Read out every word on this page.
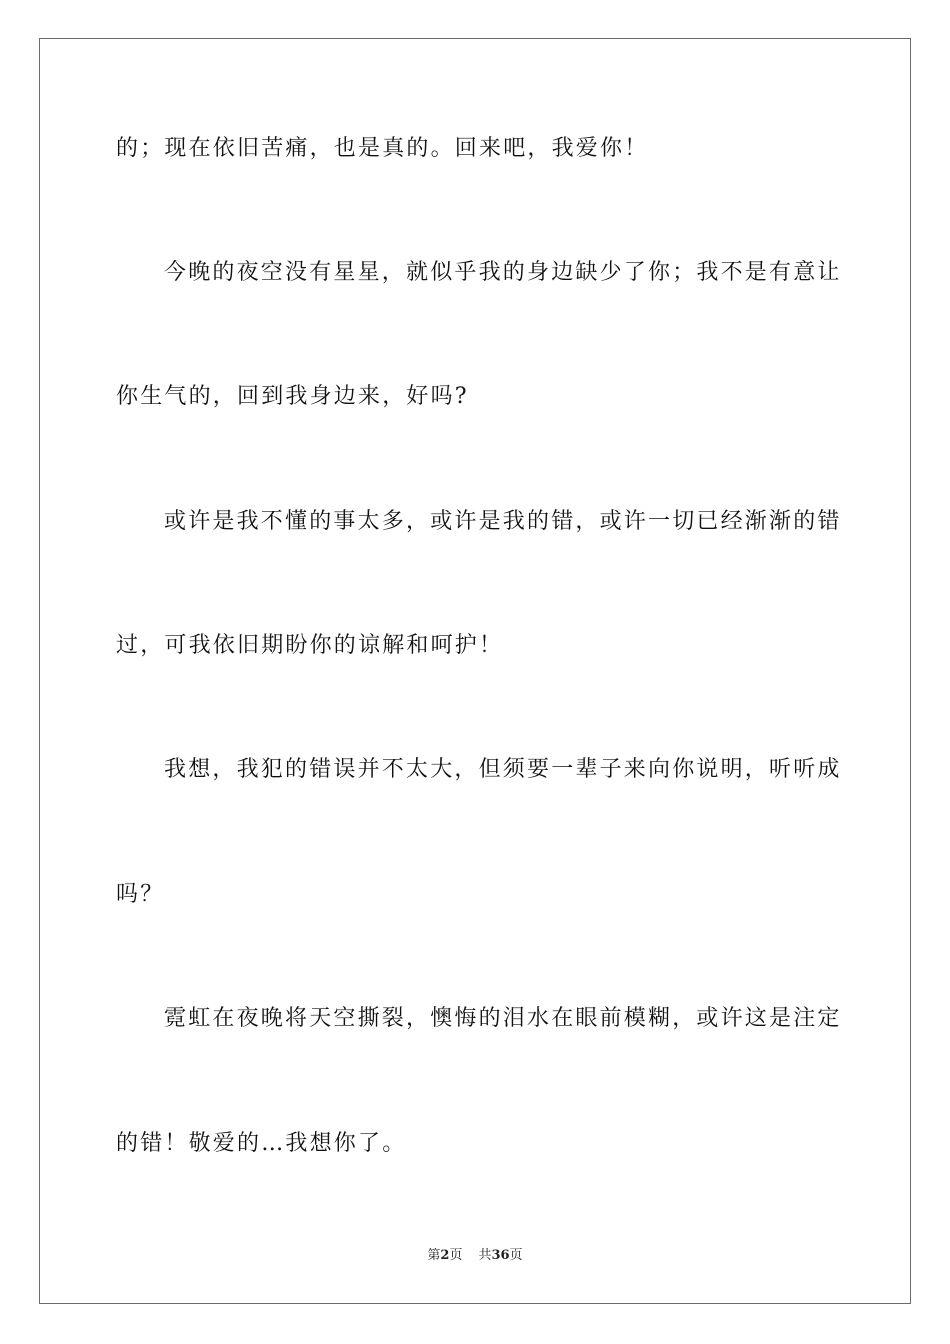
的；现在依旧苦痛，也是真的。回来吧，我爱你！
今晚的夜空没有星星，就似乎我的身边缺少了你；我不是有意让
你生气的，回到我身边来，好吗?
或许是我不懂的事太多，或许是我的错，或许一切已经渐渐的错
过，可我依旧期盼你的谅解和呵护！
我想，我犯的错误并不太大，但须要一辈子来向你说明，听听成
吗？
霓虹在夜晚将天空撕裂，懊悔的泪水在眼前模糊，或许这是注定
的错！敬爱的…我想你了。
第2页 共36页
